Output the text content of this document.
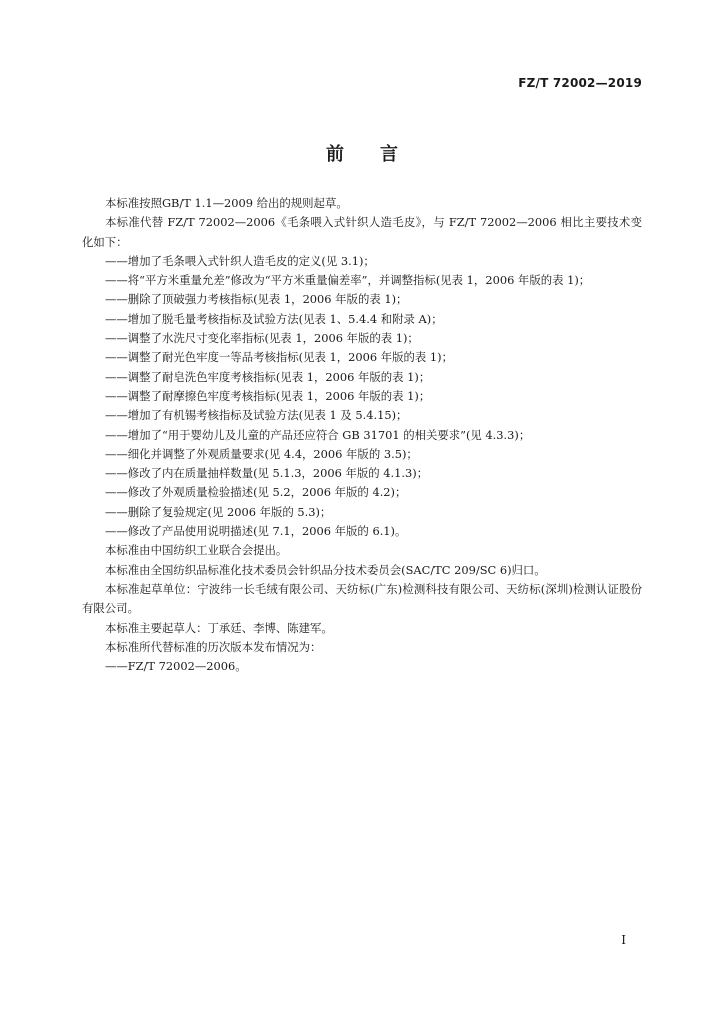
FZ/T 72002—2019
前言

本标准按照GB/T 1.1—2009 给出的规则起草。

本标准代替 FZ/T 72002—2006《毛条喂入式针织人造毛皮》，与 FZ/T 72002—2006 相比主要技术变化如下：

——增加了毛条喂入式针织人造毛皮的定义(见 3.1)；

——将“平方米重量允差”修改为“平方米重量偏差率”，并调整指标(见表 1，2006 年版的表 1)；

——删除了顶破强力考核指标(见表 1，2006 年版的表 1)；

——增加了脱毛量考核指标及试验方法(见表 1、5.4.4 和附录 A)；

——调整了水洗尺寸变化率指标(见表 1，2006 年版的表 1)；

——调整了耐光色牢度一等品考核指标(见表 1，2006 年版的表 1)；

——调整了耐皂洗色牢度考核指标(见表 1，2006 年版的表 1)；

——调整了耐摩擦色牢度考核指标(见表 1，2006 年版的表 1)；

——增加了有机锡考核指标及试验方法(见表 1 及 5.4.15)；

——增加了“用于婴幼儿及儿童的产品还应符合 GB 31701 的相关要求”(见 4.3.3)；

——细化并调整了外观质量要求(见 4.4，2006 年版的 3.5)；

——修改了内在质量抽样数量(见 5.1.3，2006 年版的 4.1.3)；

——修改了外观质量检验描述(见 5.2，2006 年版的 4.2)；

——删除了复验规定(见 2006 年版的 5.3)；

——修改了产品使用说明描述(见 7.1，2006 年版的 6.1)。

本标准由中国纺织工业联合会提出。

本标准由全国纺织品标准化技术委员会针织品分技术委员会(SAC/TC 209/SC 6)归口。

本标准起草单位：宁波纬一长毛绒有限公司、天纺标(广东)检测科技有限公司、天纺标(深圳)检测认证股份有限公司。

本标准主要起草人：丁承廷、李博、陈建军。

本标准所代替标准的历次版本发布情况为：

——FZ/T 72002—2006。

I
